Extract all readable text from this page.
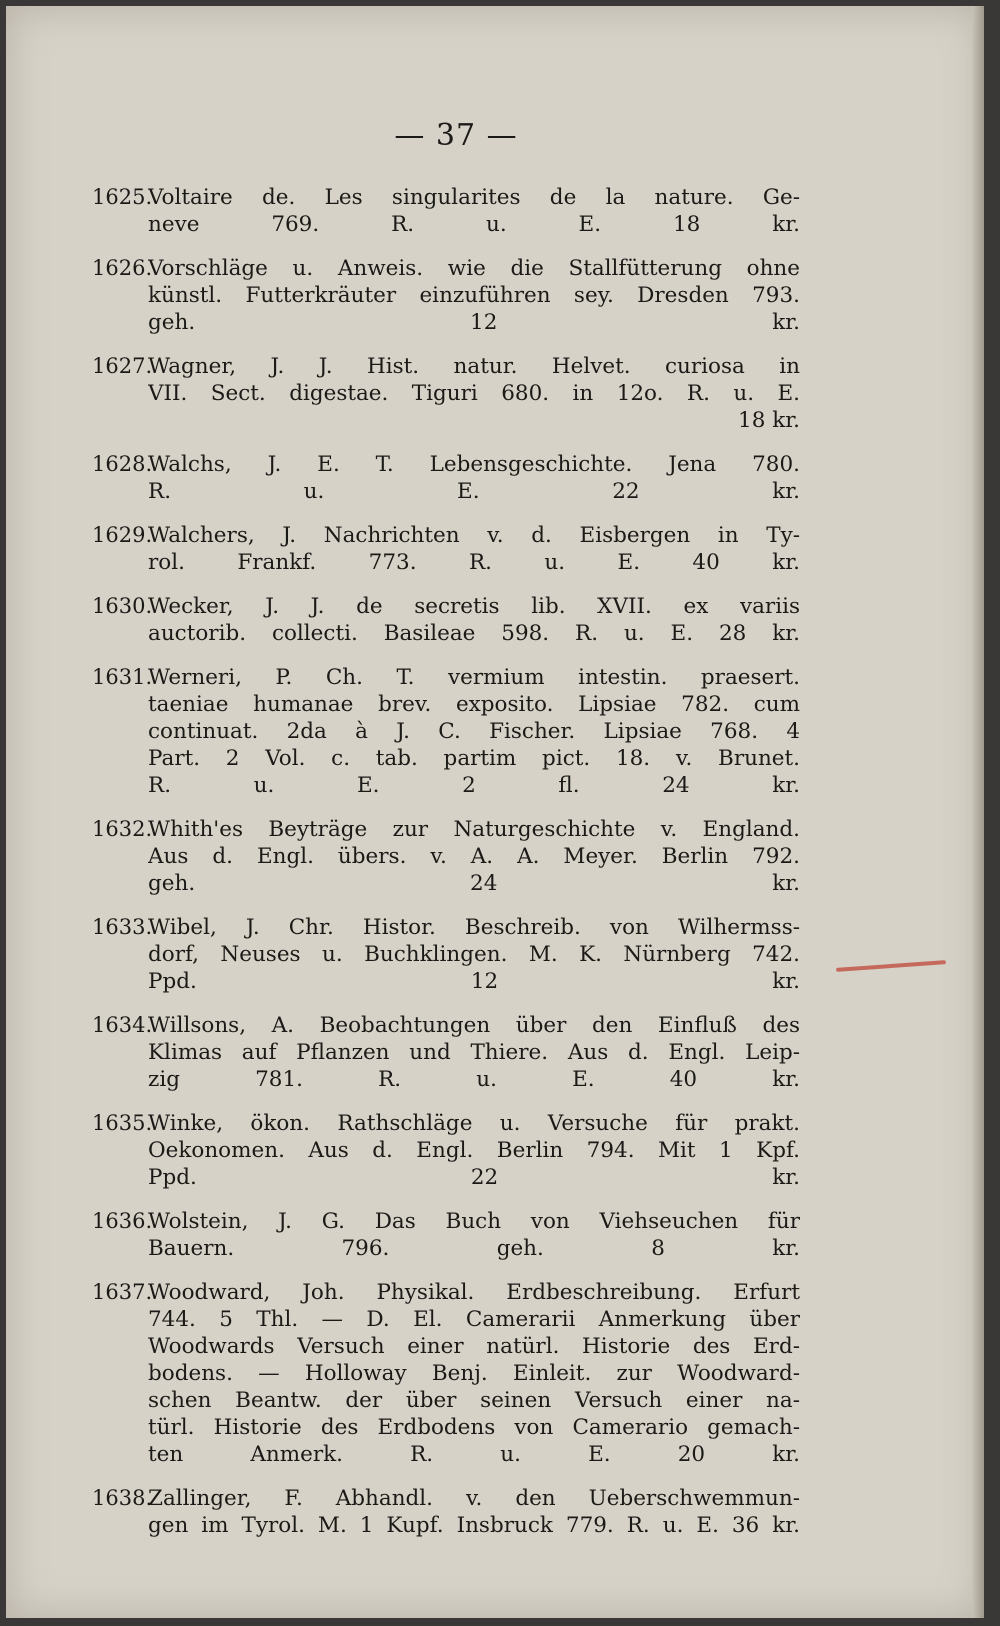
— 37 —
1625.
Voltaire de. Les singularites de la nature. Ge-
neve 769. R. u. E. 18 kr.
1626.
Vorschläge u. Anweis. wie die Stallfütterung ohne
künstl. Futterkräuter einzuführen sey. Dresden 793.
geh. 12 kr.
1627.
Wagner, J. J. Hist. natur. Helvet. curiosa in
VII. Sect. digestae. Tiguri 680. in 12o. R. u. E.
18 kr.
1628.
Walchs, J. E. T. Lebensgeschichte. Jena 780.
R. u. E. 22 kr.
1629.
Walchers, J. Nachrichten v. d. Eisbergen in Ty-
rol. Frankf. 773. R. u. E. 40 kr.
1630.
Wecker, J. J. de secretis lib. XVII. ex variis
auctorib. collecti. Basileae 598. R. u. E. 28 kr.
1631.
Werneri, P. Ch. T. vermium intestin. praesert.
taeniae humanae brev. exposito. Lipsiae 782. cum
continuat. 2da à J. C. Fischer. Lipsiae 768. 4
Part. 2 Vol. c. tab. partim pict. 18. v. Brunet.
R. u. E. 2 fl. 24 kr.
1632.
Whith'es Beyträge zur Naturgeschichte v. England.
Aus d. Engl. übers. v. A. A. Meyer. Berlin 792.
geh. 24 kr.
1633.
Wibel, J. Chr. Histor. Beschreib. von Wilhermss-
dorf, Neuses u. Buchklingen. M. K. Nürnberg 742.
Ppd. 12 kr.
1634.
Willsons, A. Beobachtungen über den Einfluß des
Klimas auf Pflanzen und Thiere. Aus d. Engl. Leip-
zig 781. R. u. E. 40 kr.
1635.
Winke, ökon. Rathschläge u. Versuche für prakt.
Oekonomen. Aus d. Engl. Berlin 794. Mit 1 Kpf.
Ppd. 22 kr.
1636.
Wolstein, J. G. Das Buch von Viehseuchen für
Bauern. 796. geh. 8 kr.
1637.
Woodward, Joh. Physikal. Erdbeschreibung. Erfurt
744. 5 Thl. — D. El. Camerarii Anmerkung über
Woodwards Versuch einer natürl. Historie des Erd-
bodens. — Holloway Benj. Einleit. zur Woodward-
schen Beantw. der über seinen Versuch einer na-
türl. Historie des Erdbodens von Camerario gemach-
ten Anmerk. R. u. E. 20 kr.
1638.
Zallinger, F. Abhandl. v. den Ueberschwemmun-
gen im Tyrol. M. 1 Kupf. Insbruck 779. R. u. E. 36 kr.
